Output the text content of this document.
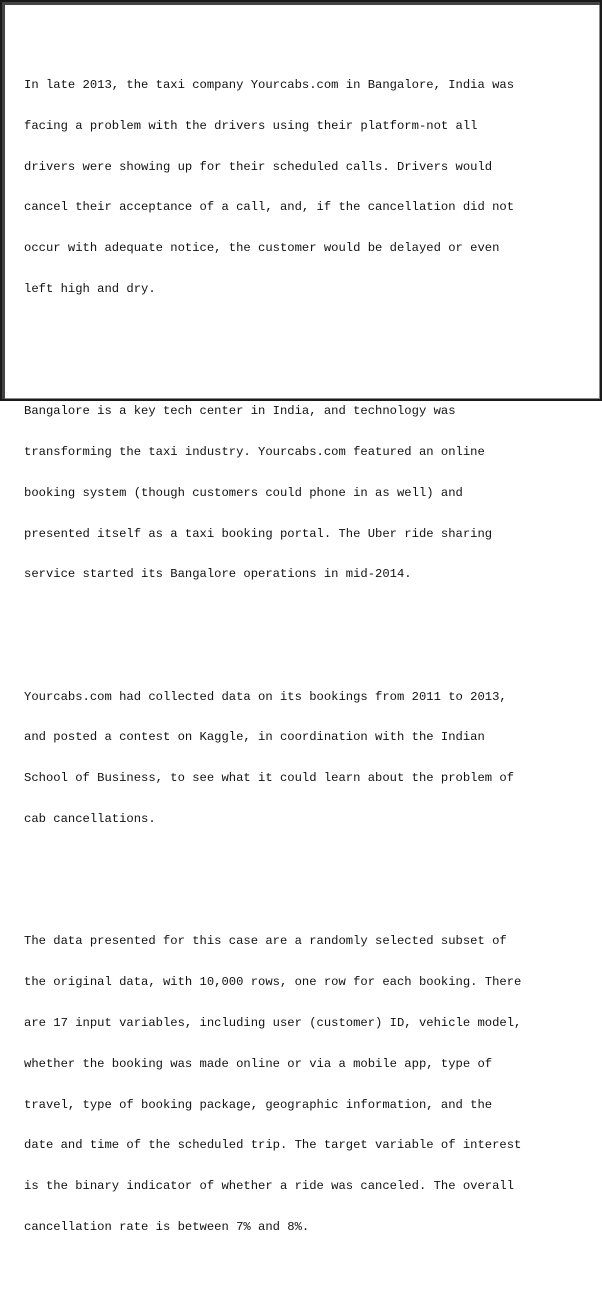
In late 2013, the taxi company Yourcabs.com in Bangalore, India was

facing a problem with the drivers using their platform-not all

drivers were showing up for their scheduled calls. Drivers would

cancel their acceptance of a call, and, if the cancellation did not

occur with adequate notice, the customer would be delayed or even

left high and dry.

Bangalore is a key tech center in India, and technology was

transforming the taxi industry. Yourcabs.com featured an online

booking system (though customers could phone in as well) and

presented itself as a taxi booking portal. The Uber ride sharing

service started its Bangalore operations in mid-2014.

Yourcabs.com had collected data on its bookings from 2011 to 2013,

and posted a contest on Kaggle, in coordination with the Indian

School of Business, to see what it could learn about the problem of

cab cancellations.

The data presented for this case are a randomly selected subset of

the original data, with 10,000 rows, one row for each booking. There

are 17 input variables, including user (customer) ID, vehicle model,

whether the booking was made online or via a mobile app, type of

travel, type of booking package, geographic information, and the

date and time of the scheduled trip. The target variable of interest

is the binary indicator of whether a ride was canceled. The overall

cancellation rate is between 7% and 8%.
